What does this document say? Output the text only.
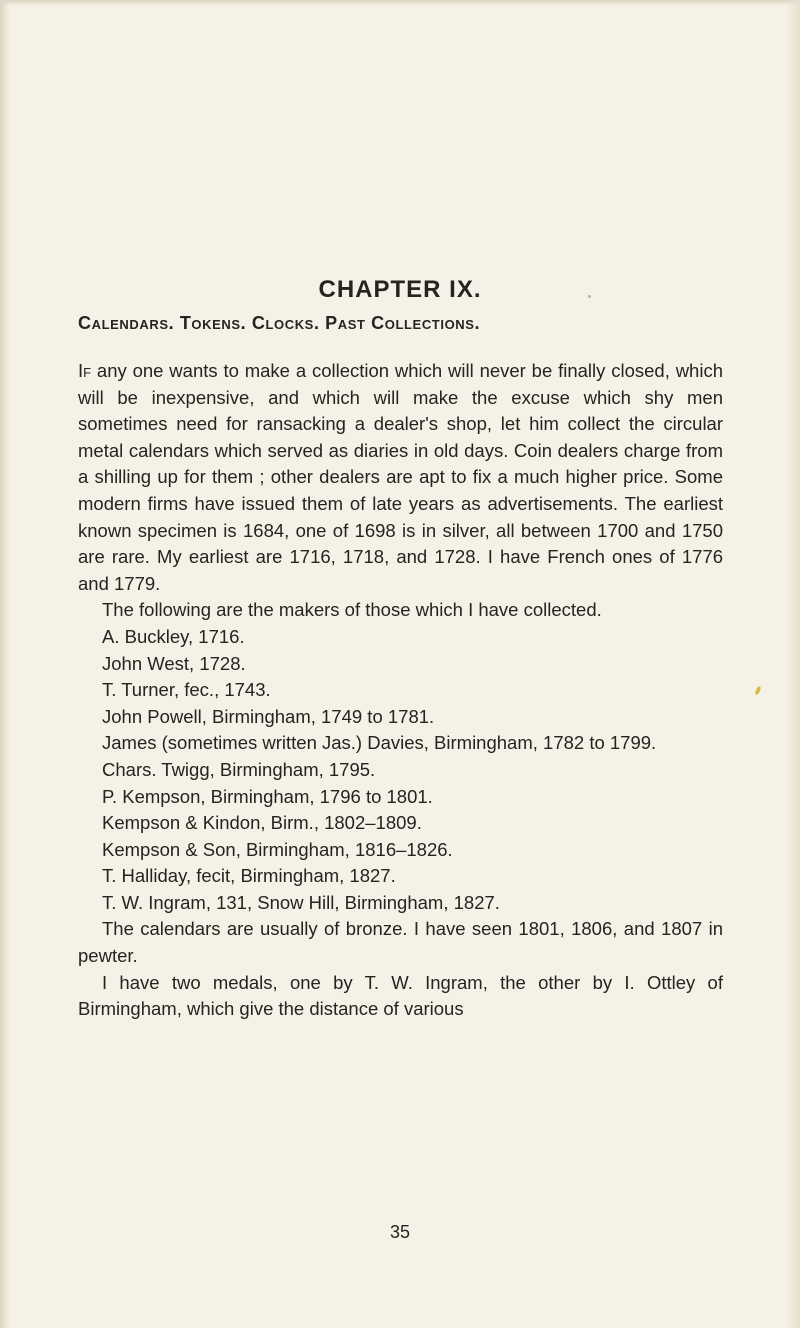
CHAPTER IX.
Calendars. Tokens. Clocks. Past Collections.

If any one wants to make a collection which will never be finally closed, which will be inexpensive, and which will make the excuse which shy men sometimes need for ransacking a dealer's shop, let him collect the circular metal calendars which served as diaries in old days. Coin dealers charge from a shilling up for them ; other dealers are apt to fix a much higher price. Some modern firms have issued them of late years as advertisements. The earliest known specimen is 1684, one of 1698 is in silver, all between 1700 and 1750 are rare. My earliest are 1716, 1718, and 1728. I have French ones of 1776 and 1779.

The following are the makers of those which I have collected.

A. Buckley, 1716.
John West, 1728.
T. Turner, fec., 1743.
John Powell, Birmingham, 1749 to 1781.
James (sometimes written Jas.) Davies, Birmingham, 1782 to 1799.
Chars. Twigg, Birmingham, 1795.
P. Kempson, Birmingham, 1796 to 1801.
Kempson & Kindon, Birm., 1802–1809.
Kempson & Son, Birmingham, 1816–1826.
T. Halliday, fecit, Birmingham, 1827.
T. W. Ingram, 131, Snow Hill, Birmingham, 1827.

The calendars are usually of bronze. I have seen 1801, 1806, and 1807 in pewter.

I have two medals, one by T. W. Ingram, the other by I. Ottley of Birmingham, which give the distance of various

35
